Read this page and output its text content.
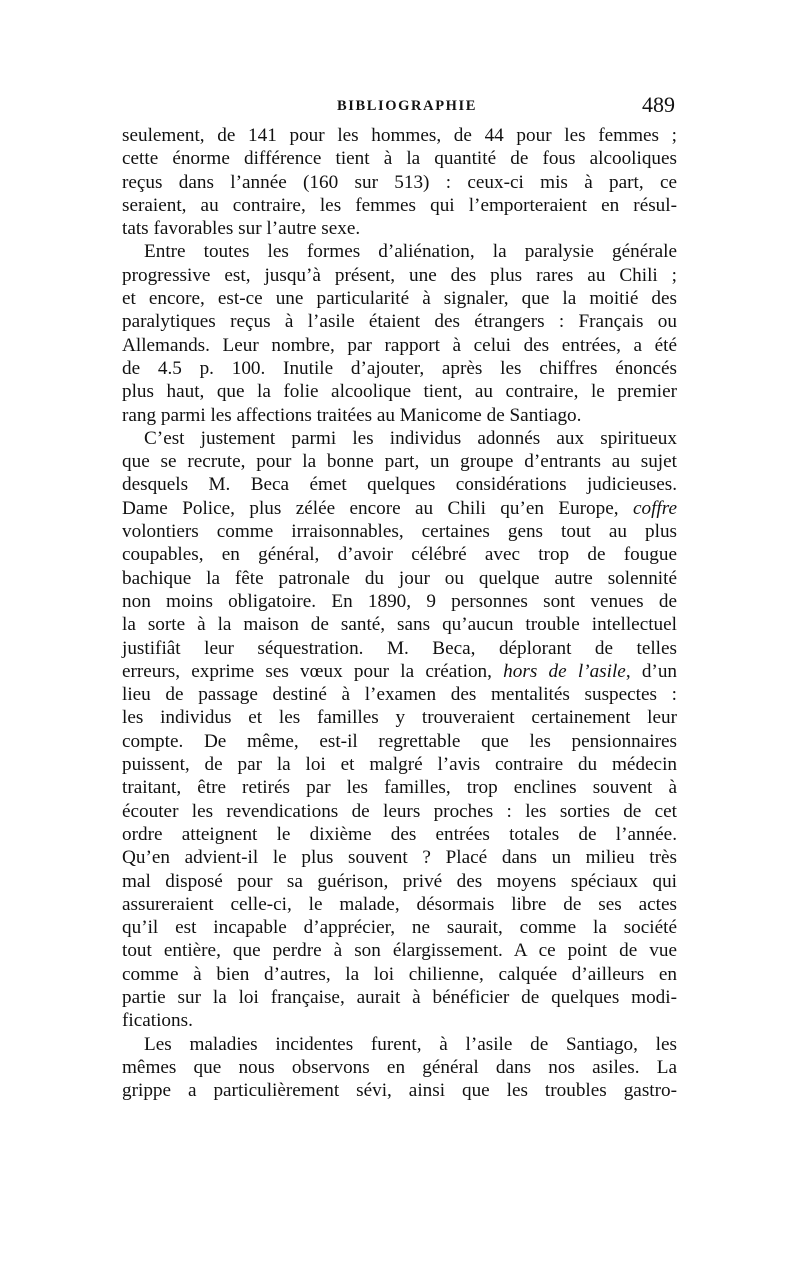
BIBLIOGRAPHIE	489
seulement, de 141 pour les hommes, de 44 pour les femmes ;
cette énorme différence tient à la quantité de fous alcooliques
reçus dans l’année (160 sur 513) : ceux-ci mis à part, ce
seraient, au contraire, les femmes qui l’emporteraient en résul-
tats favorables sur l’autre sexe.
Entre toutes les formes d’aliénation, la paralysie générale
progressive est, jusqu’à présent, une des plus rares au Chili ;
et encore, est-ce une particularité à signaler, que la moitié des
paralytiques reçus à l’asile étaient des étrangers : Français ou
Allemands. Leur nombre, par rapport à celui des entrées, a été
de 4.5 p. 100. Inutile d’ajouter, après les chiffres énoncés
plus haut, que la folie alcoolique tient, au contraire, le premier
rang parmi les affections traitées au Manicome de Santiago.
C’est justement parmi les individus adonnés aux spiritueux
que se recrute, pour la bonne part, un groupe d’entrants au sujet
desquels M. Beca émet quelques considérations judicieuses.
Dame Police, plus zélée encore au Chili qu’en Europe, coffre
volontiers comme irraisonnables, certaines gens tout au plus
coupables, en général, d’avoir célébré avec trop de fougue
bachique la fête patronale du jour ou quelque autre solennité
non moins obligatoire. En 1890, 9 personnes sont venues de
la sorte à la maison de santé, sans qu’aucun trouble intellectuel
justifiât leur séquestration. M. Beca, déplorant de telles
erreurs, exprime ses vœux pour la création, hors de l’asile, d’un
lieu de passage destiné à l’examen des mentalités suspectes :
les individus et les familles y trouveraient certainement leur
compte. De même, est-il regrettable que les pensionnaires
puissent, de par la loi et malgré l’avis contraire du médecin
traitant, être retirés par les familles, trop enclines souvent à
écouter les revendications de leurs proches : les sorties de cet
ordre atteignent le dixième des entrées totales de l’année.
Qu’en advient-il le plus souvent ? Placé dans un milieu très
mal disposé pour sa guérison, privé des moyens spéciaux qui
assureraient celle-ci, le malade, désormais libre de ses actes
qu’il est incapable d’apprécier, ne saurait, comme la société
tout entière, que perdre à son élargissement. A ce point de vue
comme à bien d’autres, la loi chilienne, calquée d’ailleurs en
partie sur la loi française, aurait à bénéficier de quelques modi-
fications.
Les maladies incidentes furent, à l’asile de Santiago, les
mêmes que nous observons en général dans nos asiles. La
grippe a particulièrement sévi, ainsi que les troubles gastro-
